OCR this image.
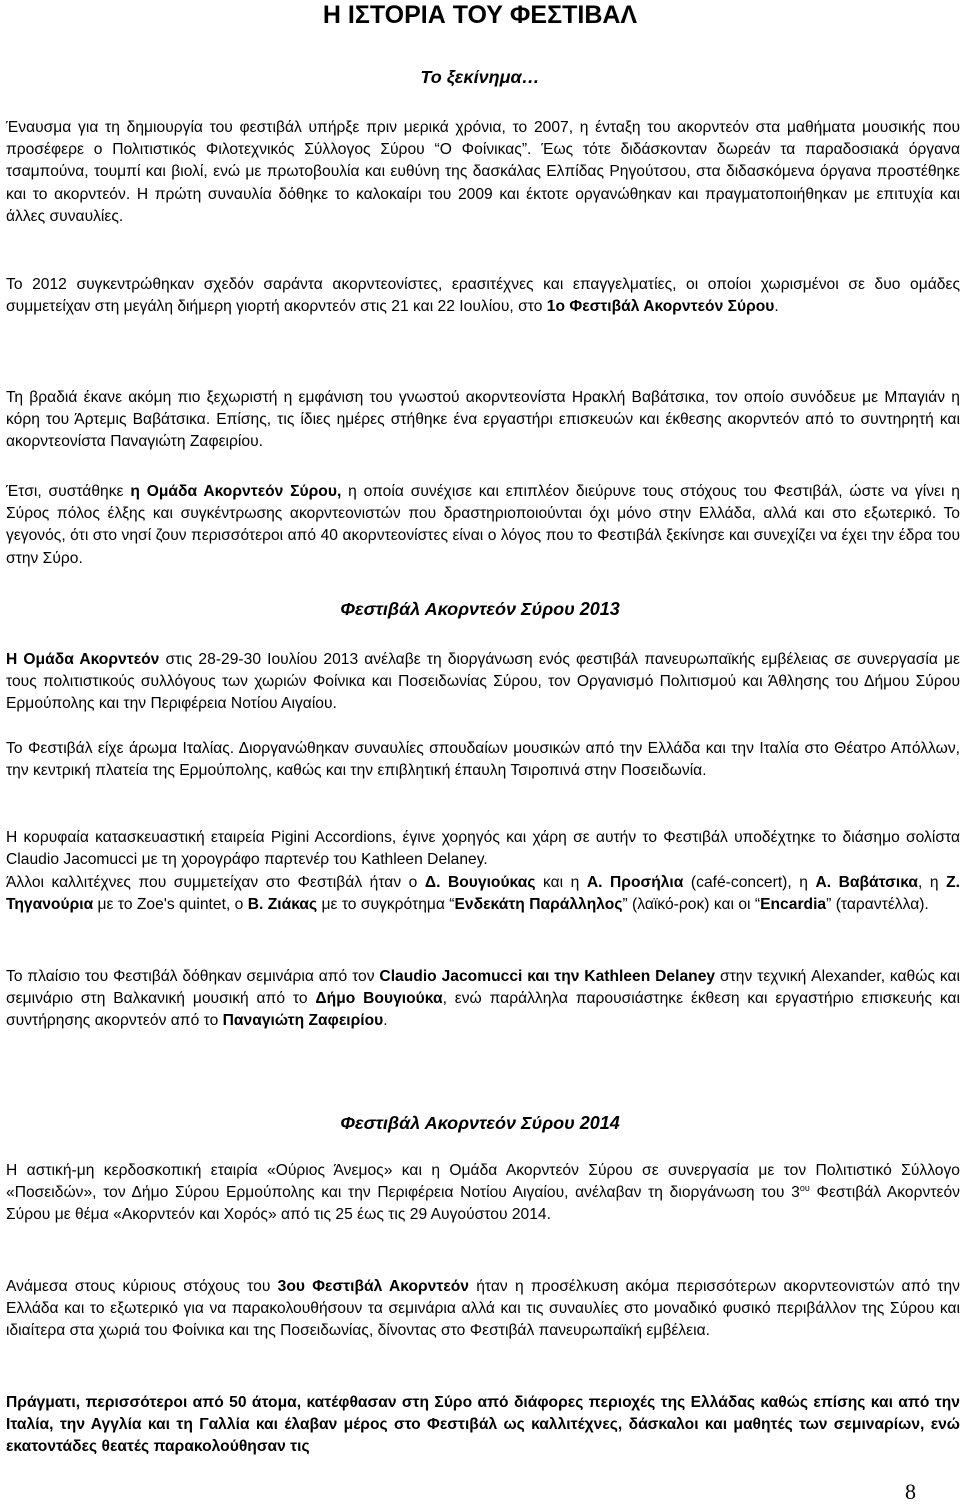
Η ΙΣΤΟΡΙΑ ΤΟΥ ΦΕΣΤΙΒΑΛ
Το ξεκίνημα…

Έναυσμα για τη δημιουργία του φεστιβάλ υπήρξε πριν μερικά χρόνια, το 2007, η ένταξη του ακορντεόν στα μαθήματα μουσικής που προσέφερε ο Πολιτιστικός Φιλοτεχνικός Σύλλογος Σύρου “Ο Φοίνικας”. Έως τότε διδάσκονταν δωρεάν τα παραδοσιακά όργανα τσαμπούνα, τουμπί και βιολί, ενώ με πρωτοβουλία και ευθύνη της δασκάλας Ελπίδας Ρηγούτσου, στα διδασκόμενα όργανα προστέθηκε και το ακορντεόν. Η πρώτη συναυλία δόθηκε το καλοκαίρι του 2009 και έκτοτε οργανώθηκαν και πραγματοποιήθηκαν με επιτυχία και άλλες συναυλίες.

Το 2012 συγκεντρώθηκαν σχεδόν σαράντα ακορντεονίστες, ερασιτέχνες και επαγγελματίες, οι οποίοι χωρισμένοι σε δυο ομάδες συμμετείχαν στη μεγάλη διήμερη γιορτή ακορντεόν στις 21 και 22 Ιουλίου, στο 1ο Φεστιβάλ Ακορντεόν Σύρου.

Τη βραδιά έκανε ακόμη πιο ξεχωριστή η εμφάνιση του γνωστού ακορντεονίστα Ηρακλή Βαβάτσικα, τον οποίο συνόδευε με Μπαγιάν η κόρη του Άρτεμις Βαβάτσικα. Επίσης, τις ίδιες ημέρες στήθηκε ένα εργαστήρι επισκευών και έκθεσης ακορντεόν από το συντηρητή και ακορντεονίστα Παναγιώτη Ζαφειρίου.

Έτσι, συστάθηκε η Ομάδα Ακορντεόν Σύρου, η οποία συνέχισε και επιπλέον διεύρυνε τους στόχους του Φεστιβάλ, ώστε να γίνει η Σύρος πόλος έλξης και συγκέντρωσης ακορντεονιστών που δραστηριοποιούνται όχι μόνο στην Ελλάδα, αλλά και στο εξωτερικό. Το γεγονός, ότι στο νησί ζουν περισσότεροι από 40 ακορντεονίστες είναι ο λόγος που το Φεστιβάλ ξεκίνησε και συνεχίζει να έχει την έδρα του στην Σύρο.

Φεστιβάλ Ακορντεόν Σύρου 2013

Η Ομάδα Ακορντεόν στις 28-29-30 Ιουλίου 2013 ανέλαβε τη διοργάνωση ενός φεστιβάλ πανευρωπαϊκής εμβέλειας σε συνεργασία με τους πολιτιστικούς συλλόγους των χωριών Φοίνικα και Ποσειδωνίας Σύρου, τον Οργανισμό Πολιτισμού και Άθλησης του Δήμου Σύρου Ερμούπολης και την Περιφέρεια Νοτίου Αιγαίου.

Το Φεστιβάλ είχε άρωμα Ιταλίας. Διοργανώθηκαν συναυλίες σπουδαίων μουσικών από την Ελλάδα και την Ιταλία στο Θέατρο Απόλλων, την κεντρική πλατεία της Ερμούπολης, καθώς και την επιβλητική έπαυλη Τσιροπινά στην Ποσειδωνία.

Η κορυφαία κατασκευαστική εταιρεία Pigini Accordions, έγινε χορηγός και χάρη σε αυτήν το Φεστιβάλ υποδέχτηκε το διάσημο σολίστα Claudio Jacomucci με τη χορογράφο παρτενέρ του Kathleen Delaney.

Άλλοι καλλιτέχνες που συμμετείχαν στο Φεστιβάλ ήταν ο Δ. Βουγιούκας και η Α. Προσήλια (café-concert), η Α. Βαβάτσικα, η Ζ. Τηγανούρια με το Zoe's quintet, ο Β. Ζιάκας με το συγκρότημα “Ενδεκάτη Παράλληλος” (λαϊκό-ροκ) και οι “Encardia” (ταραντέλλα).

Το πλαίσιο του Φεστιβάλ δόθηκαν σεμινάρια από τον Claudio Jacomucci και την Kathleen Delaney στην τεχνική Alexander, καθώς και σεμινάριο στη Βαλκανική μουσική από το Δήμο Βουγιούκα, ενώ παράλληλα παρουσιάστηκε έκθεση και εργαστήριο επισκευής και συντήρησης ακορντεόν από το Παναγιώτη Ζαφειρίου.

Φεστιβάλ Ακορντεόν Σύρου 2014

Η αστική-μη κερδοσκοπική εταιρία «Ούριος Άνεμος» και η Ομάδα Ακορντεόν Σύρου σε συνεργασία με τον Πολιτιστικό Σύλλογο «Ποσειδών», τον Δήμο Σύρου Ερμούπολης και την Περιφέρεια Νοτίου Αιγαίου, ανέλαβαν τη διοργάνωση του $3^{o\upsilon}$ Φεστιβάλ Ακορντεόν Σύρου με θέμα «Ακορντεόν και Χορός» από τις 25 έως τις 29 Αυγούστου 2014.

Ανάμεσα στους κύριους στόχους του 3ου Φεστιβάλ Ακορντεόν ήταν η προσέλκυση ακόμα περισσότερων ακορντεονιστών από την Ελλάδα και το εξωτερικό για να παρακολουθήσουν τα σεμινάρια αλλά και τις συναυλίες στο μοναδικό φυσικό περιβάλλον της Σύρου και ιδιαίτερα στα χωριά του Φοίνικα και της Ποσειδωνίας, δίνοντας στο Φεστιβάλ πανευρωπαϊκή εμβέλεια.

Πράγματι, περισσότεροι από 50 άτομα, κατέφθασαν στη Σύρο από διάφορες περιοχές της Ελλάδας καθώς επίσης και από την Ιταλία, την Αγγλία και τη Γαλλία και έλαβαν μέρος στο Φεστιβάλ ως καλλιτέχνες, δάσκαλοι και μαθητές των σεμιναρίων, ενώ εκατοντάδες θεατές παρακολούθησαν τις

8
